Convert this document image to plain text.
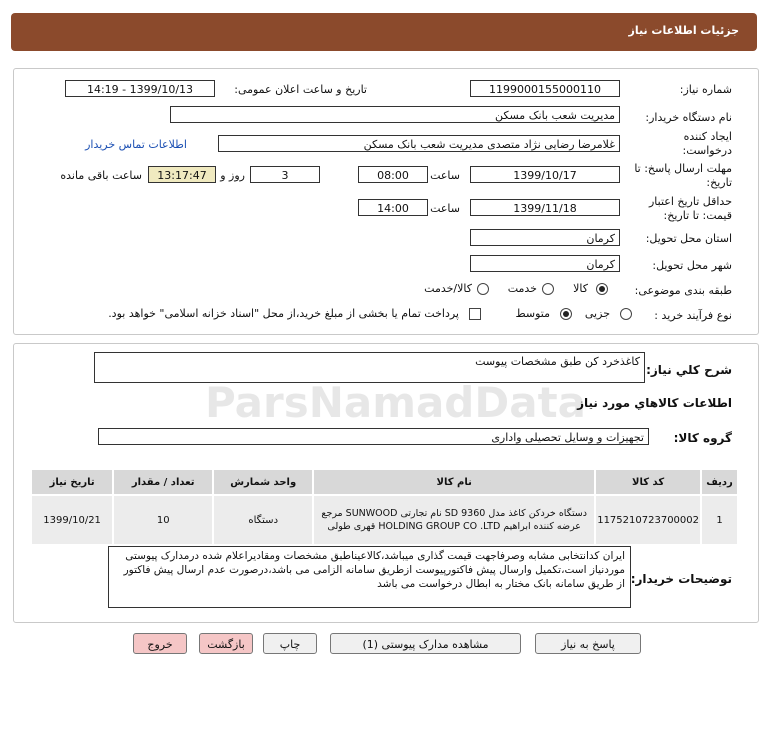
جزئیات اطلاعات نیاز
شماره نیاز:
1199000155000110
تاریخ و ساعت اعلان عمومی:
1399/10/13 - 14:19
نام دستگاه خریدار:
مدیریت شعب بانک مسکن
ایجاد کننده درخواست:
غلامرضا رضایی نژاد متصدی مدیریت شعب بانک مسکن
اطلاعات تماس خریدار
مهلت ارسال پاسخ: تا تاریخ:
1399/10/17
ساعت
08:00
3
روز و
13:17:47
ساعت باقی مانده
حداقل تاریخ اعتبار قیمت: تا تاریخ:
1399/11/18
ساعت
14:00
استان محل تحویل:
کرمان
شهر محل تحویل:
کرمان
طبقه بندی موضوعی:
کالا
خدمت
کالا/خدمت
نوع فرآیند خرید :
جزیی
متوسط
پرداخت تمام یا بخشی از مبلغ خرید،از محل "اسناد خزانه اسلامی" خواهد بود.
شرح کلي نياز:
کاغذخرد کن طبق مشخصات پیوست
اطلاعات کالاهاي مورد نياز
گروه کالا:
تجهیزات و وسایل تحصیلی واداری
ردیف	کد کالا	نام کالا	واحد شمارش	تعداد / مقدار	تاریخ نیاز
1	1175210723700002	دستگاه خردکن کاغذ مدل SD 9360 نام تجارتی SUNWOOD مرجع عرضه کننده ابراهیم HOLDING GROUP CO .LTD قهری طولی	دستگاه	10	1399/10/21
توضیحات خریدار:
ایران کدانتخابی مشابه وصرفاجهت قیمت گذاری میباشد،کالاعیناطبق مشخصات ومقادیراعلام شده درمدارک پیوستی موردنیاز است،تکمیل وارسال پیش فاکتورپیوست ازطریق سامانه الزامی می باشد،درصورت عدم ارسال پیش فاکتور از طریق سامانه بانک مختار به ابطال درخواست می باشد
پاسخ به نیاز
مشاهده مدارک پیوستی (1)
چاپ
بازگشت
خروج
